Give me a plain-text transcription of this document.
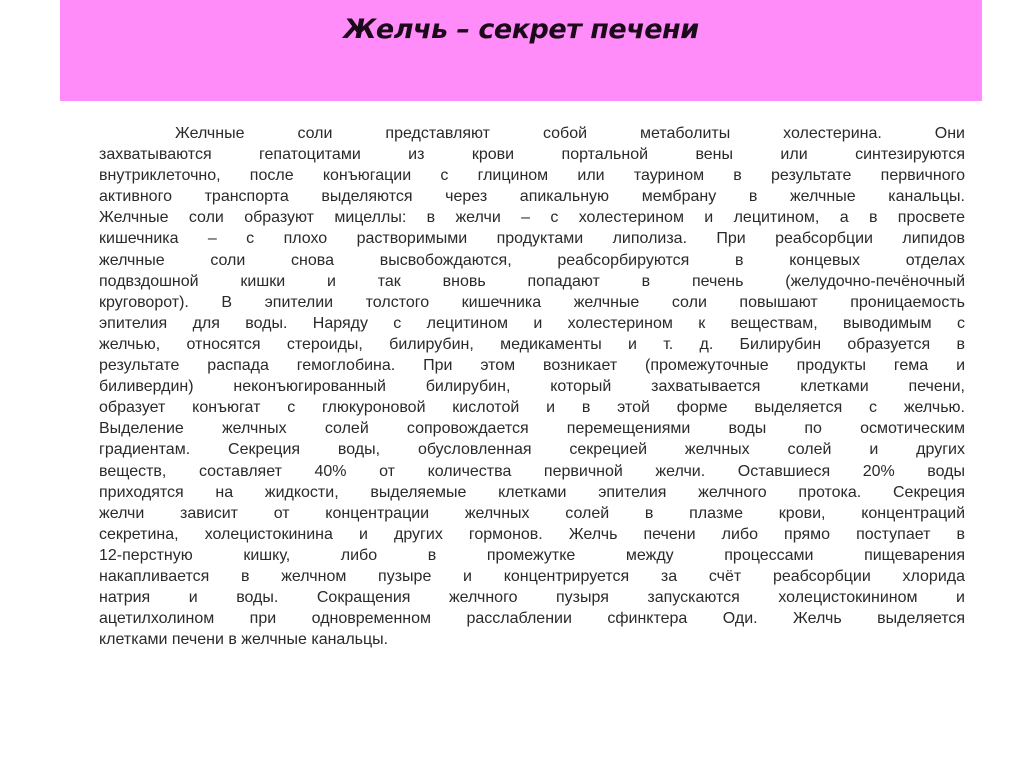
Желчь – секрет печени
Желчные соли представляют собой метаболиты холестерина. Они
захватываются гепатоцитами из крови портальной вены или синтезируются
внутриклеточно, после конъюгации с глицином или таурином в результате первичного
активного транспорта выделяются через апикальную мембрану в желчные канальцы.
Желчные соли образуют мицеллы: в желчи – с холестерином и лецитином, а в просвете
кишечника – с плохо растворимыми продуктами липолиза. При реабсорбции липидов
желчные соли снова высвобождаются, реабсорбируются в концевых отделах
подвздошной кишки и так вновь попадают в печень (желудочно-печёночный
круговорот). В эпителии толстого кишечника желчные соли повышают проницаемость
эпителия для воды. Наряду с лецитином и холестерином к веществам, выводимым с
желчью, относятся стероиды, билирубин, медикаменты и т. д. Билирубин образуется в
результате распада гемоглобина. При этом возникает (промежуточные продукты гема и
биливердин) неконъюгированный билирубин, который захватывается клетками печени,
образует конъюгат с глюкуроновой кислотой и в этой форме выделяется с желчью.
Выделение желчных солей сопровождается перемещениями воды по осмотическим
градиентам. Секреция воды, обусловленная секрецией желчных солей и других
веществ, составляет 40% от количества первичной желчи. Оставшиеся 20% воды
приходятся на жидкости, выделяемые клетками эпителия желчного протока. Секреция
желчи зависит от концентрации желчных солей в плазме крови, концентраций
секретина, холецистокинина и других гормонов. Желчь печени либо прямо поступает в
12-перстную кишку, либо в промежутке между процессами пищеварения
накапливается в желчном пузыре и концентрируется за счёт реабсорбции хлорида
натрия и воды. Сокращения желчного пузыря запускаются холецистокинином и
ацетилхолином при одновременном расслаблении сфинктера Оди. Желчь выделяется
клетками печени в желчные канальцы.
